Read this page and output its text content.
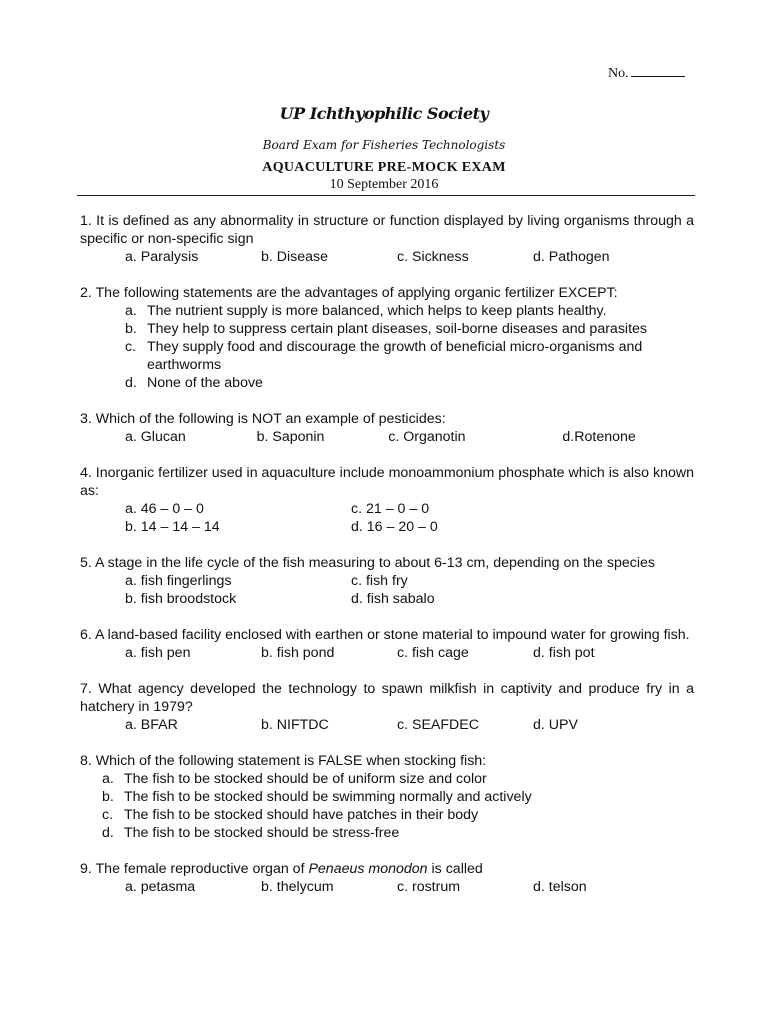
No.
UP Ichthyophilic Society
Board Exam for Fisheries Technologists
AQUACULTURE PRE-MOCK EXAM
10 September 2016
1. It is defined as any abnormality in structure or function displayed by living organisms through a specific or non-specific sign
a. Paralysis	b. Disease	c. Sickness	d. Pathogen
2. The following statements are the advantages of applying organic fertilizer EXCEPT:
a. The nutrient supply is more balanced, which helps to keep plants healthy.
b. They help to suppress certain plant diseases, soil-borne diseases and parasites
c. They supply food and discourage the growth of beneficial micro-organisms and earthworms
d. None of the above
3. Which of the following is NOT an example of pesticides:
a. Glucan	b. Saponin	c. Organotin	d.Rotenone
4. Inorganic fertilizer used in aquaculture include monoammonium phosphate which is also known as:
a. 46 – 0 – 0	c. 21 – 0 – 0
b. 14 – 14 – 14	d. 16 – 20 – 0
5. A stage in the life cycle of the fish measuring to about 6-13 cm, depending on the species
a. fish fingerlings	c. fish fry
b. fish broodstock	d. fish sabalo
6. A land-based facility enclosed with earthen or stone material to impound water for growing fish.
a. fish pen	b. fish pond	c. fish cage	d. fish pot
7. What agency developed the technology to spawn milkfish in captivity and produce fry in a hatchery in 1979?
a. BFAR	b. NIFTDC	c. SEAFDEC	d. UPV
8. Which of the following statement is FALSE when stocking fish:
a. The fish to be stocked should be of uniform size and color
b. The fish to be stocked should be swimming normally and actively
c. The fish to be stocked should have patches in their body
d. The fish to be stocked should be stress-free
9. The female reproductive organ of Penaeus monodon is called
a. petasma	b. thelycum	c. rostrum	d. telson
